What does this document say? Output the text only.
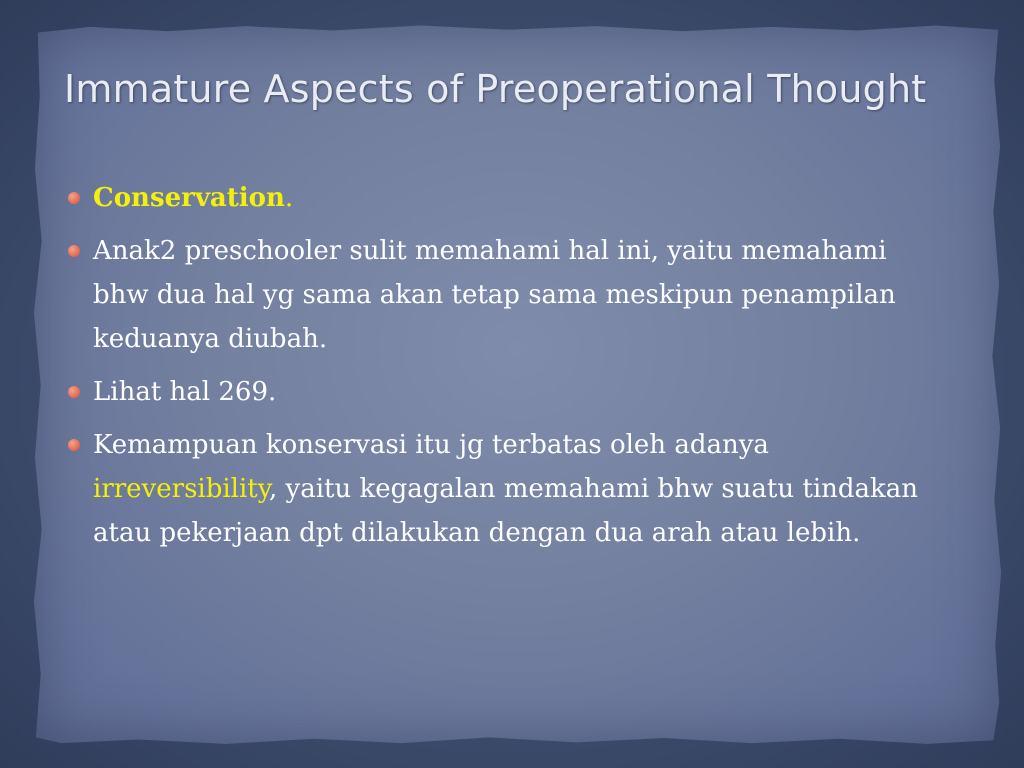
Immature Aspects of Preoperational Thought
Conservation.
Anak2 preschooler sulit memahami hal ini, yaitu memahami bhw dua hal yg sama akan tetap sama meskipun penampilan keduanya diubah.
Lihat hal 269.
Kemampuan konservasi itu jg terbatas oleh adanya irreversibility, yaitu kegagalan memahami bhw suatu tindakan atau pekerjaan dpt dilakukan dengan dua arah atau lebih.
